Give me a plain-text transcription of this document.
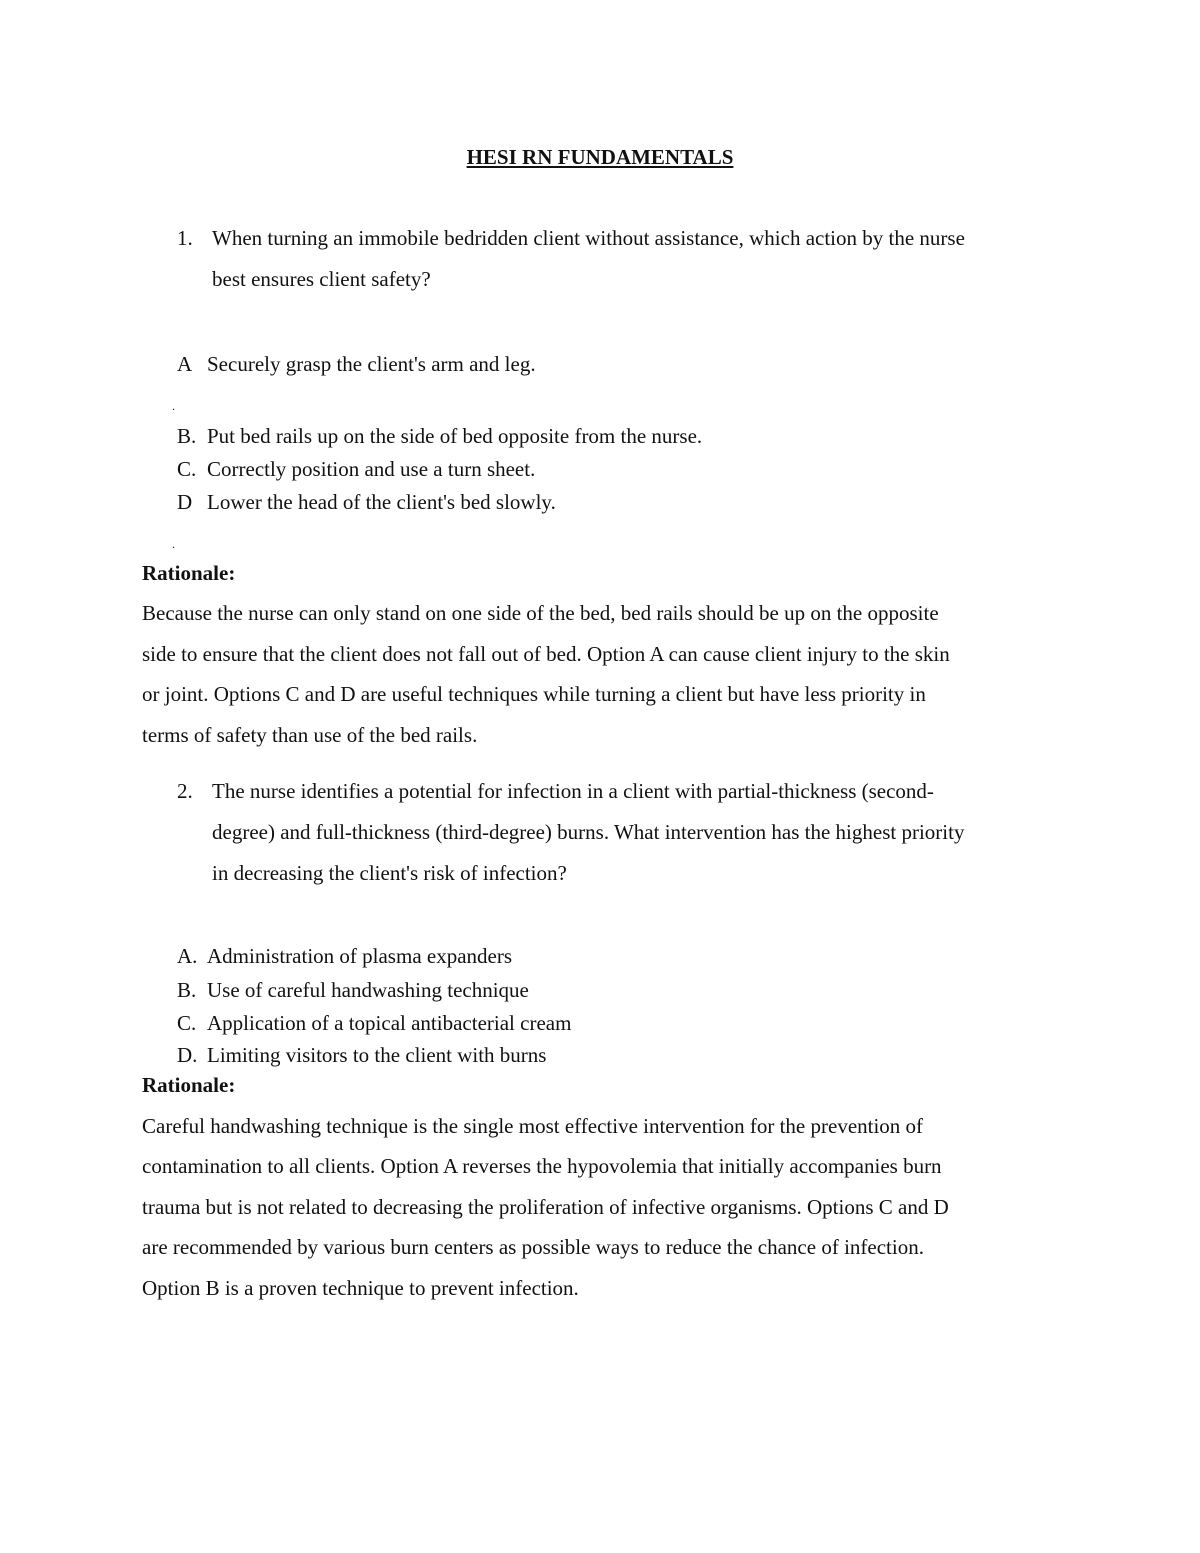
HESI RN FUNDAMENTALS
1. When turning an immobile bedridden client without assistance, which action by the nurse
best ensures client safety?
A Securely grasp the client's arm and leg.
.
B. Put bed rails up on the side of bed opposite from the nurse.
C. Correctly position and use a turn sheet.
D Lower the head of the client's bed slowly.
.
Rationale:
Because the nurse can only stand on one side of the bed, bed rails should be up on the opposite
side to ensure that the client does not fall out of bed. Option A can cause client injury to the skin
or joint. Options C and D are useful techniques while turning a client but have less priority in
terms of safety than use of the bed rails.
2. The nurse identifies a potential for infection in a client with partial-thickness (second-
degree) and full-thickness (third-degree) burns. What intervention has the highest priority
in decreasing the client's risk of infection?
A. Administration of plasma expanders
B. Use of careful handwashing technique
C. Application of a topical antibacterial cream
D. Limiting visitors to the client with burns
Rationale:
Careful handwashing technique is the single most effective intervention for the prevention of
contamination to all clients. Option A reverses the hypovolemia that initially accompanies burn
trauma but is not related to decreasing the proliferation of infective organisms. Options C and D
are recommended by various burn centers as possible ways to reduce the chance of infection.
Option B is a proven technique to prevent infection.
